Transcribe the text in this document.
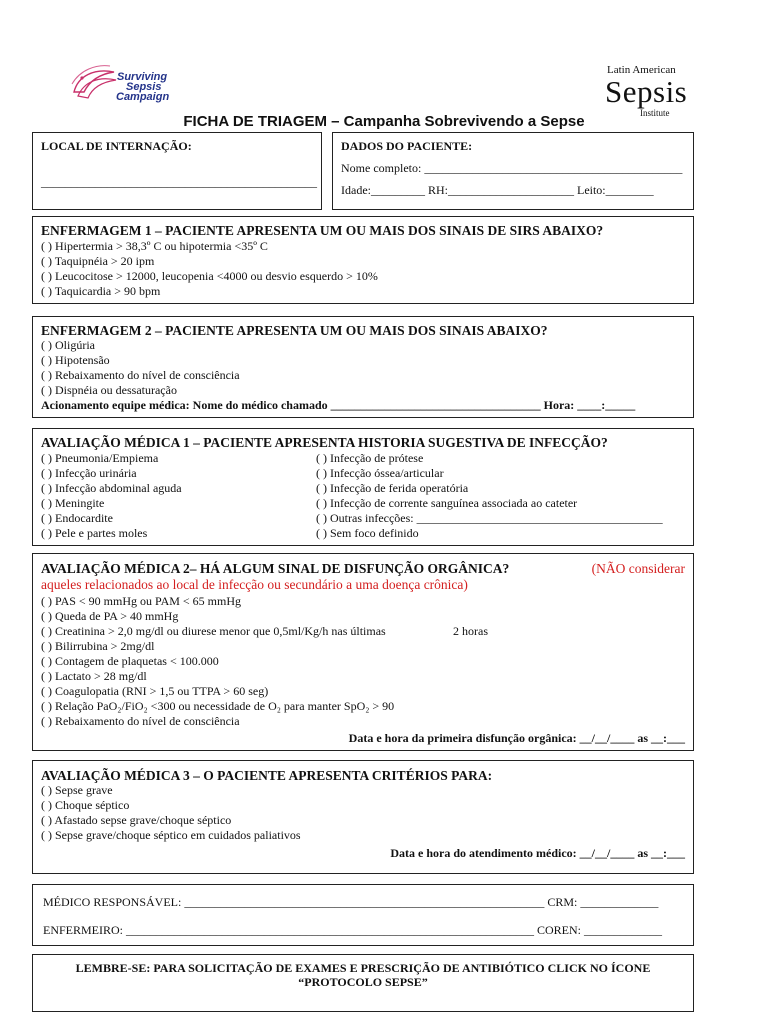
Surviving
Sepsis
Campaign
Latin American
Sepsis
Institute
FICHA DE TRIAGEM – Campanha Sobrevivendo a Sepse
LOCAL DE INTERNAÇÃO:
______________________________________________
DADOS DO PACIENTE:
Nome completo: ___________________________________________
Idade:_________ RH:_____________________ Leito:________
ENFERMAGEM 1 – PACIENTE APRESENTA UM OU MAIS DOS SINAIS DE SIRS ABAIXO?
( ) Hipertermia > 38,3º C ou hipotermia <35º C
( ) Taquipnéia > 20 ipm
( ) Leucocitose > 12000, leucopenia <4000 ou desvio esquerdo > 10%
( ) Taquicardia > 90 bpm
ENFERMAGEM 2 – PACIENTE APRESENTA UM OU MAIS DOS SINAIS ABAIXO?
( ) Oligúria
( ) Hipotensão
( ) Rebaixamento do nível de consciência
( ) Dispnéia ou dessaturação
Acionamento equipe médica: Nome do médico chamado ___________________________________ Hora: ____:_____
AVALIAÇÃO MÉDICA 1 – PACIENTE APRESENTA HISTORIA SUGESTIVA DE INFECÇÃO?
( ) Pneumonia/Empiema
( ) Infecção urinária
( ) Infecção abdominal aguda
( ) Meningite
( ) Endocardite
( ) Pele e partes moles
( ) Infecção de prótese
( ) Infecção óssea/articular
( ) Infecção de ferida operatória
( ) Infecção de corrente sanguínea associada ao cateter
( ) Outras infecções: _________________________________________
( ) Sem foco definido
AVALIAÇÃO MÉDICA 2– HÁ ALGUM SINAL DE DISFUNÇÃO ORGÂNICA?	(NÃO considerar
aqueles relacionados ao local de infecção ou secundário a uma doença crônica)
( ) PAS < 90 mmHg ou PAM < 65 mmHg
( ) Queda de PA > 40 mmHg
( ) Creatinina > 2,0 mg/dl ou diurese menor que 0,5ml/Kg/h nas últimas	2 horas
( ) Bilirrubina > 2mg/dl
( ) Contagem de plaquetas < 100.000
( ) Lactato > 28 mg/dl
( ) Coagulopatia (RNI > 1,5 ou TTPA > 60 seg)
( ) Relação PaO₂/FiO₂ <300 ou necessidade de O₂ para manter SpO₂ > 90
( ) Rebaixamento do nível de consciência
Data e hora da primeira disfunção orgânica: __/__/____ as __:___
AVALIAÇÃO MÉDICA 3 – O PACIENTE APRESENTA CRITÉRIOS PARA:
( ) Sepse grave
( ) Choque séptico
( ) Afastado sepse grave/choque séptico
( ) Sepse grave/choque séptico em cuidados paliativos
Data e hora do atendimento médico: __/__/____ as __:___
MÉDICO RESPONSÁVEL: ____________________________________________________________ CRM: _____________
ENFERMEIRO: ____________________________________________________________________ COREN: _____________
LEMBRE-SE: PARA SOLICITAÇÃO DE EXAMES E PRESCRIÇÃO DE ANTIBIÓTICO CLICK NO ÍCONE
“PROTOCOLO SEPSE”
